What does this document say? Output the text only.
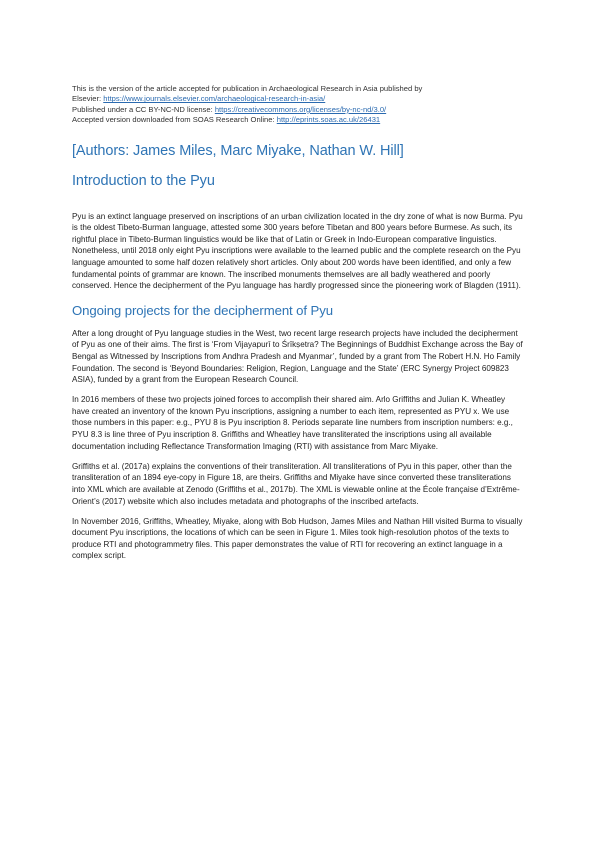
This is the version of the article accepted for publication in Archaeological Research in Asia published by
Elsevier: https://www.journals.elsevier.com/archaeological-research-in-asia/
Published under a CC BY-NC-ND license: https://creativecommons.org/licenses/by-nc-nd/3.0/
Accepted version downloaded from SOAS Research Online: http://eprints.soas.ac.uk/26431
[Authors: James Miles, Marc Miyake, Nathan W. Hill]
Introduction to the Pyu

Pyu is an extinct language preserved on inscriptions of an urban civilization located in the dry zone of what is now Burma. Pyu is the oldest Tibeto-Burman language, attested some 300 years before Tibetan and 800 years before Burmese. As such, its rightful place in Tibeto-Burman linguistics would be like that of Latin or Greek in Indo-European comparative linguistics. Nonetheless, until 2018 only eight Pyu inscriptions were available to the learned public and the complete research on the Pyu language amounted to some half dozen relatively short articles. Only about 200 words have been identified, and only a few fundamental points of grammar are known. The inscribed monuments themselves are all badly weathered and poorly conserved. Hence the decipherment of the Pyu language has hardly progressed since the pioneering work of Blagden (1911).

Ongoing projects for the decipherment of Pyu

After a long drought of Pyu language studies in the West, two recent large research projects have included the decipherment of Pyu as one of their aims. The first is ‘From Vijayapurī to Śrīkṣetra? The Beginnings of Buddhist Exchange across the Bay of Bengal as Witnessed by Inscriptions from Andhra Pradesh and Myanmar’, funded by a grant from The Robert H.N. Ho Family Foundation. The second is ‘Beyond Boundaries: Religion, Region, Language and the State’ (ERC Synergy Project 609823 ASIA), funded by a grant from the European Research Council.

In 2016 members of these two projects joined forces to accomplish their shared aim. Arlo Griffiths and Julian K. Wheatley have created an inventory of the known Pyu inscriptions, assigning a number to each item, represented as PYU x. We use those numbers in this paper: e.g., PYU 8 is Pyu inscription 8. Periods separate line numbers from inscription numbers: e.g., PYU 8.3 is line three of Pyu inscription 8. Griffiths and Wheatley have transliterated the inscriptions using all available documentation including Reflectance Transformation Imaging (RTI) with assistance from Marc Miyake.

Griffiths et al. (2017a) explains the conventions of their transliteration. All transliterations of Pyu in this paper, other than the transliteration of an 1894 eye-copy in Figure 18, are theirs. Griffiths and Miyake have since converted these transliterations into XML which are available at Zenodo (Griffiths et al., 2017b). The XML is viewable online at the École française d’Extrême-Orient’s (2017) website which also includes metadata and photographs of the inscribed artefacts.

In November 2016, Griffiths, Wheatley, Miyake, along with Bob Hudson, James Miles and Nathan Hill visited Burma to visually document Pyu inscriptions, the locations of which can be seen in Figure 1. Miles took high-resolution photos of the texts to produce RTI and photogrammetry files. This paper demonstrates the value of RTI for recovering an extinct language in a complex script.
